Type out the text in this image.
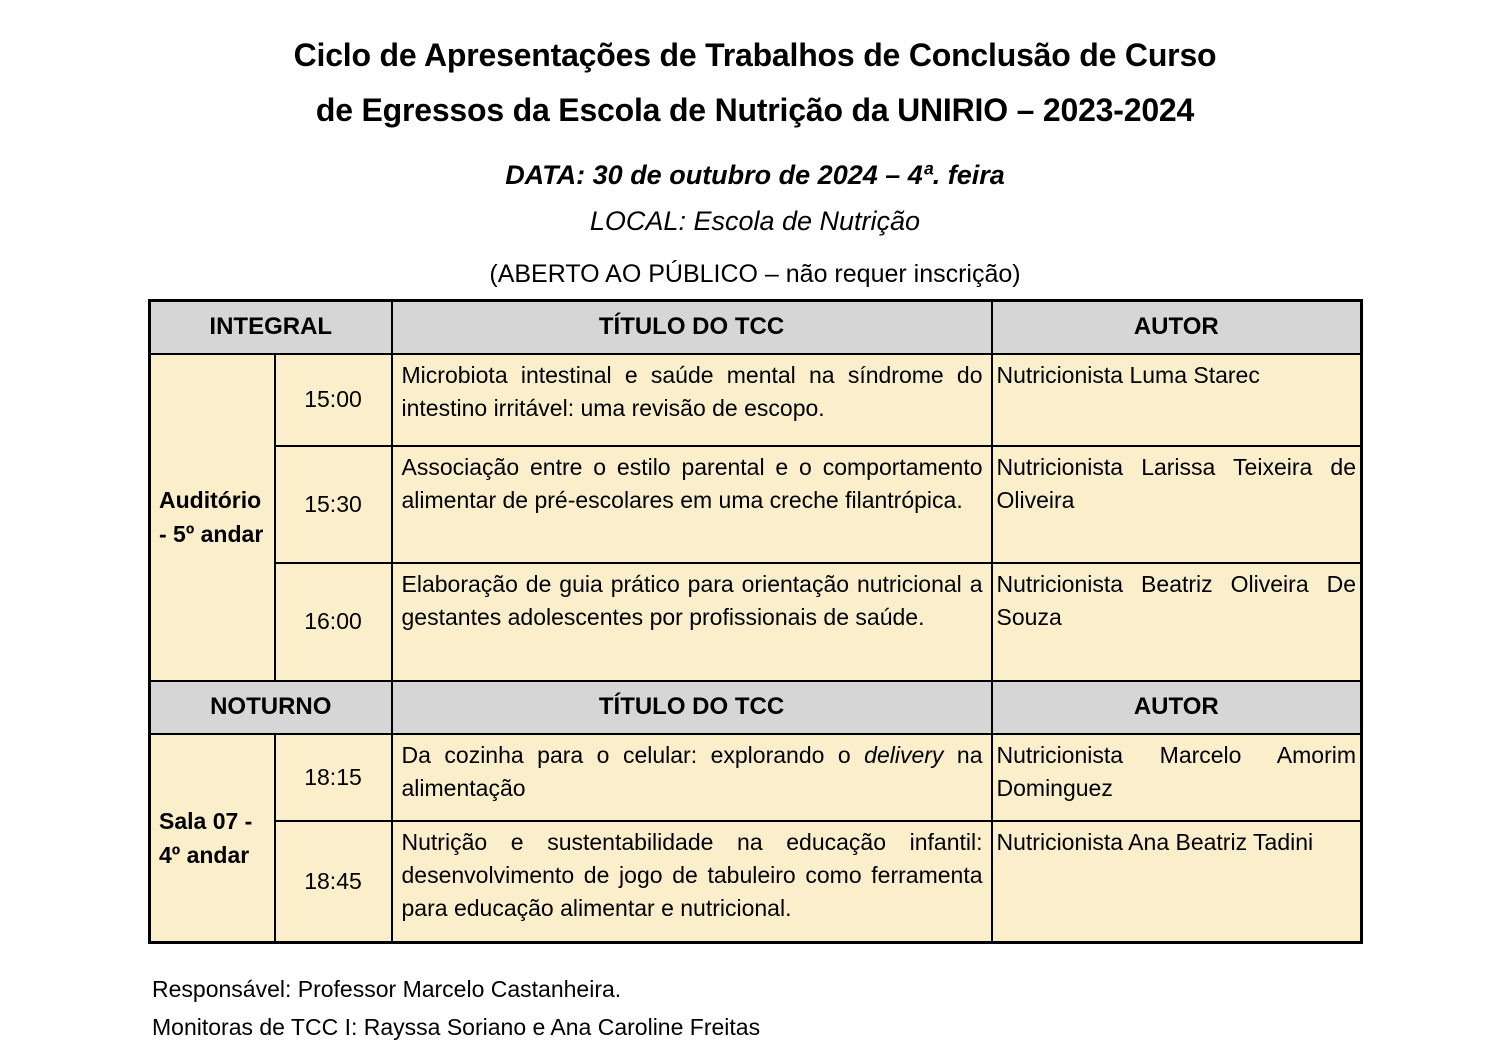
Ciclo de Apresentações de Trabalhos de Conclusão de Curso
de Egressos da Escola de Nutrição da UNIRIO – 2023-2024
DATA: 30 de outubro de 2024 – 4ª. feira
LOCAL: Escola de Nutrição
(ABERTO AO PÚBLICO – não requer inscrição)
INTEGRAL		TÍTULO DO TCC	AUTOR
Auditório - 5º andar	15:00	Microbiota intestinal e saúde mental na síndrome do intestino irritável: uma revisão de escopo.	Nutricionista Luma Starec
	15:30	Associação entre o estilo parental e o comportamento alimentar de pré-escolares em uma creche filantrópica.	Nutricionista Larissa Teixeira de Oliveira
	16:00	Elaboração de guia prático para orientação nutricional a gestantes adolescentes por profissionais de saúde.	Nutricionista Beatriz Oliveira De Souza
NOTURNO		TÍTULO DO TCC	AUTOR
Sala 07 - 4º andar	18:15	Da cozinha para o celular: explorando o delivery na alimentação	Nutricionista Marcelo Amorim Dominguez
	18:45	Nutrição e sustentabilidade na educação infantil: desenvolvimento de jogo de tabuleiro como ferramenta para educação alimentar e nutricional.	Nutricionista Ana Beatriz Tadini
Responsável: Professor Marcelo Castanheira.
Monitoras de TCC I: Rayssa Soriano e Ana Caroline Freitas
